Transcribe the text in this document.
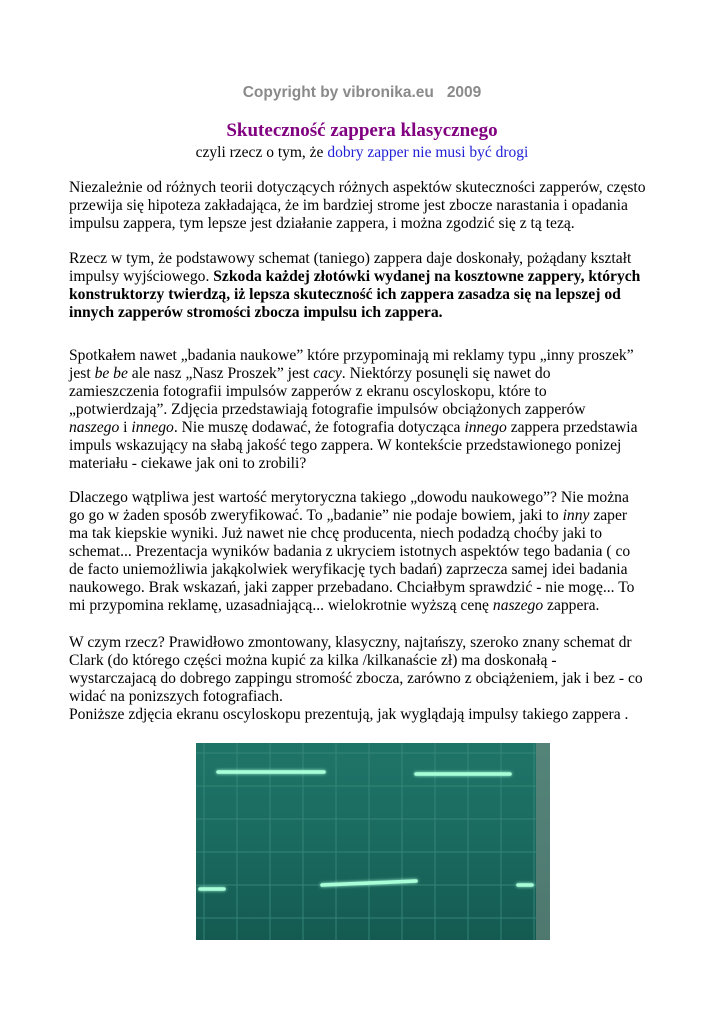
Copyright by vibronika.eu   2009
Skuteczność zappera klasycznego
czyli rzecz o tym, że dobry zapper nie musi być drogi
Niezależnie od różnych teorii dotyczących różnych aspektów skuteczności zapperów, często
przewija się hipoteza zakładająca, że im bardziej strome jest zbocze narastania i opadania
impulsu zappera, tym lepsze jest działanie zappera, i można zgodzić się z tą tezą.
Rzecz w tym, że podstawowy schemat (taniego) zappera daje doskonały, pożądany kształt
impulsy wyjściowego. Szkoda każdej złotówki wydanej na kosztowne zappery, których
konstruktorzy twierdzą, iż lepsza skuteczność ich zappera zasadza się na lepszej od
innych zapperów stromości zbocza impulsu ich zappera.
Spotkałem nawet „badania naukowe” które przypominają mi reklamy typu „inny proszek”
jest be be ale nasz „Nasz Proszek” jest cacy. Niektórzy posunęli się nawet do
zamieszczenia fotografii impulsów zapperów z ekranu oscyloskopu, które to
„potwierdzają”. Zdjęcia przedstawiają fotografie impulsów obciążonych zapperów
naszego i innego. Nie muszę dodawać, że fotografia dotycząca innego zappera przedstawia
impuls wskazujący na słabą jakość tego zappera. W kontekście przedstawionego ponizej
materiału - ciekawe jak oni to zrobili?
Dlaczego wątpliwa jest wartość merytoryczna takiego „dowodu naukowego”? Nie można
go go w żaden sposób zweryfikować. To „badanie” nie podaje bowiem, jaki to inny zaper
ma tak kiepskie wyniki. Już nawet nie chcę producenta, niech podadzą choćby jaki to
schemat... Prezentacja wyników badania z ukryciem istotnych aspektów tego badania ( co
de facto uniemożliwia jakąkolwiek weryfikację tych badań) zaprzecza samej idei badania
naukowego. Brak wskazań, jaki zapper przebadano. Chciałbym sprawdzić - nie mogę... To
mi przypomina reklamę, uzasadniającą... wielokrotnie wyższą cenę naszego zappera.
W czym rzecz? Prawidłowo zmontowany, klasyczny, najtańszy, szeroko znany schemat dr
Clark (do którego części można kupić za kilka /kilkanaście zł) ma doskonałą -
wystarczajacą do dobrego zappingu stromość zbocza, zarówno z obciążeniem, jak i bez - co
widać na ponizszych fotografiach.
Poniższe zdjęcia ekranu oscyloskopu prezentują, jak wyglądają impulsy takiego zappera .
